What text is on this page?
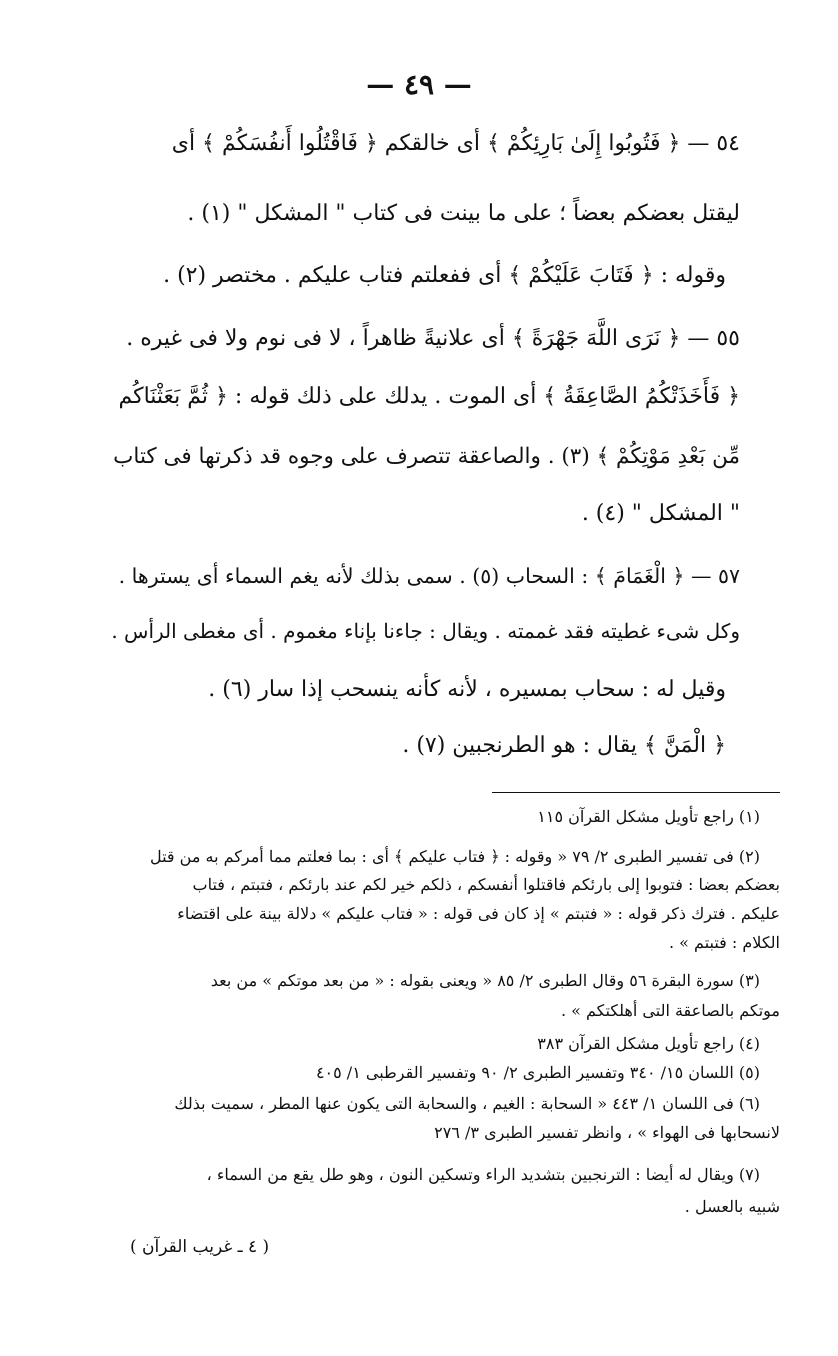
— ٤٩ —

٥٤ — ﴿ فَتُوبُوا إِلَىٰ بَارِئِكُمْ ﴾ أى خالقكم ﴿ فَاقْتُلُوا أَنفُسَكُمْ ﴾ أى

ليقتل بعضكم بعضاً ؛ على ما بينت فى كتاب " المشكل " (١) .

وقوله : ﴿ فَتَابَ عَلَيْكُمْ ﴾ أى ففعلتم فتاب عليكم . مختصر (٢) .

٥٥ — ﴿ نَرَى اللَّهَ جَهْرَةً ﴾ أى علانيةً ظاهراً ، لا فى نوم ولا فى غيره .

﴿ فَأَخَذَتْكُمُ الصَّاعِقَةُ ﴾ أى الموت . يدلك على ذلك قوله : ﴿ ثُمَّ بَعَثْنَاكُم

مِّن بَعْدِ مَوْتِكُمْ ﴾ (٣) . والصاعقة تتصرف على وجوه قد ذكرتها فى كتاب

" المشكل " (٤) .

٥٧ — ﴿ الْغَمَامَ ﴾ : السحاب (٥) . سمى بذلك لأنه يغم السماء أى يسترها .

وكل شىء غطيته فقد غممته . ويقال : جاءنا بإناء مغموم . أى مغطى الرأس .

وقيل له : سحاب بمسيره ، لأنه كأنه ينسحب إذا سار (٦) .

﴿ الْمَنَّ ﴾ يقال : هو الطرنجبين (٧) .

(١) راجع تأويل مشكل القرآن ١١٥

(٢) فى تفسير الطبرى ٢/ ٧٩ « وقوله : ﴿ فتاب عليكم ﴾ أى : بما فعلتم مما أمركم به من قتل

بعضكم بعضا : فتوبوا إلى بارئكم فاقتلوا أنفسكم ، ذلكم خير لكم عند بارئكم ، فتبتم ، فتاب

عليكم . فترك ذكر قوله : « فتبتم » إذ كان فى قوله : « فتاب عليكم » دلالة بينة على اقتضاء

الكلام : فتبتم » .

(٣) سورة البقرة ٥٦ وقال الطبرى ٢/ ٨٥ « ويعنى بقوله : « من بعد موتكم » من بعد

موتكم بالصاعقة التى أهلكتكم » .

(٤) راجع تأويل مشكل القرآن ٣٨٣

(٥) اللسان ١٥/ ٣٤٠ وتفسير الطبرى ٢/ ٩٠ وتفسير القرطبى ١/ ٤٠٥

(٦) فى اللسان ١/ ٤٤٣ « السحابة : الغيم ، والسحابة التى يكون عنها المطر ، سميت بذلك

لانسحابها فى الهواء » ، وانظر تفسير الطبرى ٣/ ٢٧٦

(٧) ويقال له أيضا : الترنجبين بتشديد الراء وتسكين النون ، وهو طل يقع من السماء ،

شبيه بالعسل .

( ٤ ـ غريب القرآن )
